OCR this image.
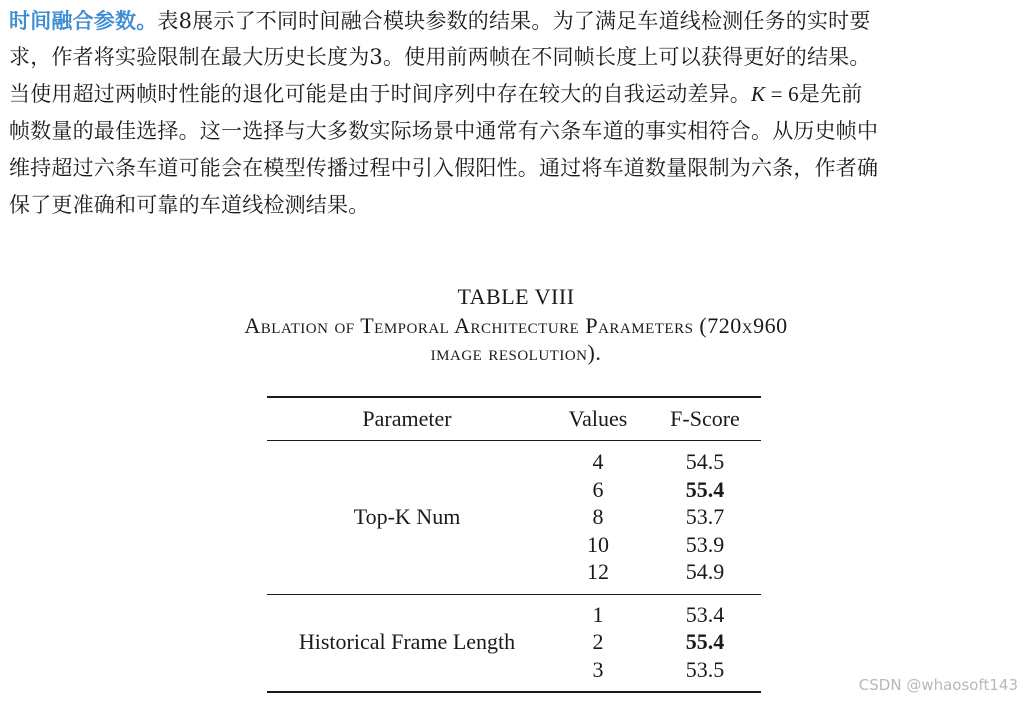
时间融合参数。表8展示了不同时间融合模块参数的结果。为了满足车道线检测任务的实时要
求，作者将实验限制在最大历史长度为3。使用前两帧在不同帧长度上可以获得更好的结果。
当使用超过两帧时性能的退化可能是由于时间序列中存在较大的自我运动差异。K = 6是先前
帧数量的最佳选择。这一选择与大多数实际场景中通常有六条车道的事实相符合。从历史帧中
维持超过六条车道可能会在模型传播过程中引入假阳性。通过将车道数量限制为六条，作者确
保了更准确和可靠的车道线检测结果。
TABLE VIII
Ablation of Temporal Architecture Parameters (720x960
image resolution).
Parameter	Values F-Score
Top-K Num
4	54.5
6	55.4
8	53.7
10	53.9
12	54.9
Historical Frame Length
1	53.4
2	55.4
3	53.5
CSDN @whaosoft143
